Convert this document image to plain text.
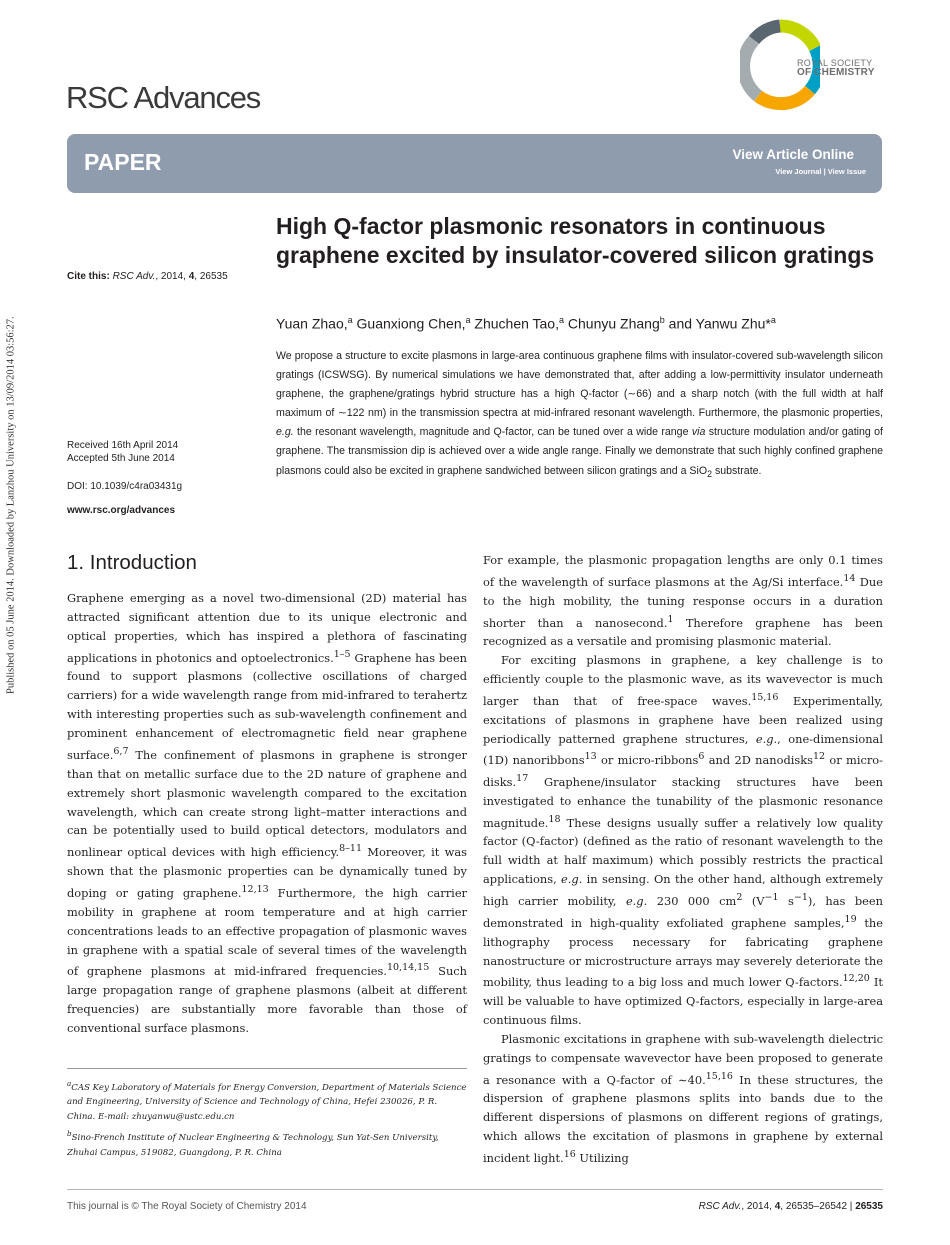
Published on 05 June 2014. Downloaded by Lanzhou University on 13/09/2014 03:56:27.
RSC Advances
ROYAL SOCIETY
OF CHEMISTRY
PAPER	View Article Online
View Journal | View Issue
Cite this: RSC Adv., 2014, 4, 26535
Received 16th April 2014
Accepted 5th June 2014
DOI: 10.1039/c4ra03431g
www.rsc.org/advances
High Q-factor plasmonic resonators in continuous graphene excited by insulator-covered silicon gratings
Yuan Zhao,$^a$ Guanxiong Chen,$^a$ Zhuchen Tao,$^a$ Chunyu Zhang$^b$ and Yanwu Zhu*$^a$
We propose a structure to excite plasmons in large-area continuous graphene films with insulator-covered sub-wavelength silicon gratings (ICSWSG). By numerical simulations we have demonstrated that, after adding a low-permittivity insulator underneath graphene, the graphene/gratings hybrid structure has a high Q-factor (∼66) and a sharp notch (with the full width at half maximum of ∼122 nm) in the transmission spectra at mid-infrared resonant wavelength. Furthermore, the plasmonic properties, e.g. the resonant wavelength, magnitude and Q-factor, can be tuned over a wide range via structure modulation and/or gating of graphene. The transmission dip is achieved over a wide angle range. Finally we demonstrate that such highly confined graphene plasmons could also be excited in graphene sandwiched between silicon gratings and a SiO$_2$ substrate.
1. Introduction

Graphene emerging as a novel two-dimensional (2D) material has attracted significant attention due to its unique electronic and optical properties, which has inspired a plethora of fascinating applications in photonics and optoelectronics.$^{1-5}$ Graphene has been found to support plasmons (collective oscillations of charged carriers) for a wide wavelength range from mid-infrared to terahertz with interesting properties such as sub-wavelength confinement and prominent enhancement of electromagnetic field near graphene surface.$^{6,7}$ The confinement of plasmons in graphene is stronger than that on metallic surface due to the 2D nature of graphene and extremely short plasmonic wavelength compared to the excitation wavelength, which can create strong light–matter interactions and can be potentially used to build optical detectors, modulators and nonlinear optical devices with high efficiency.$^{8-11}$ Moreover, it was shown that the plasmonic properties can be dynamically tuned by doping or gating graphene.$^{12,13}$ Furthermore, the high carrier mobility in graphene at room temperature and at high carrier concentrations leads to an effective propagation of plasmonic waves in graphene with a spatial scale of several times of the wavelength of graphene plasmons at mid-infrared frequencies.$^{10,14,15}$ Such large propagation range of graphene plasmons (albeit at different frequencies) are substantially more favorable than those of conventional surface plasmons.

For example, the plasmonic propagation lengths are only 0.1 times of the wavelength of surface plasmons at the Ag/Si interface.$^{14}$ Due to the high mobility, the tuning response occurs in a duration shorter than a nanosecond.$^1$ Therefore graphene has been recognized as a versatile and promising plasmonic material.

For exciting plasmons in graphene, a key challenge is to efficiently couple to the plasmonic wave, as its wavevector is much larger than that of free-space waves.$^{15,16}$ Experimentally, excitations of plasmons in graphene have been realized using periodically patterned graphene structures, e.g., one-dimensional (1D) nanoribbons$^{13}$ or micro-ribbons$^6$ and 2D nanodisks$^{12}$ or micro-disks.$^{17}$ Graphene/insulator stacking structures have been investigated to enhance the tunability of the plasmonic resonance magnitude.$^{18}$ These designs usually suffer a relatively low quality factor (Q-factor) (defined as the ratio of resonant wavelength to the full width at half maximum) which possibly restricts the practical applications, e.g. in sensing. On the other hand, although extremely high carrier mobility, e.g. 230 000 $cm^2$ ($V^{-1}$ $s^{-1}$), has been demonstrated in high-quality exfoliated graphene samples,$^{19}$ the lithography process necessary for fabricating graphene nanostructure or microstructure arrays may severely deteriorate the mobility, thus leading to a big loss and much lower Q-factors.$^{12,20}$ It will be valuable to have optimized Q-factors, especially in large-area continuous films.

Plasmonic excitations in graphene with sub-wavelength dielectric gratings to compensate wavevector have been proposed to generate a resonance with a Q-factor of ∼40.$^{15,16}$ In these structures, the dispersion of graphene plasmons splits into bands due to the different dispersions of plasmons on different regions of gratings, which allows the excitation of plasmons in graphene by external incident light.$^{16}$ Utilizing

$^a$CAS Key Laboratory of Materials for Energy Conversion, Department of Materials Science and Engineering, University of Science and Technology of China, Hefei 230026, P. R. China. E-mail: zhuyanwu@ustc.edu.cn

$^b$Sino-French Institute of Nuclear Engineering & Technology, Sun Yat-Sen University, Zhuhai Campus, 519082, Guangdong, P. R. China

This journal is © The Royal Society of Chemistry 2014	RSC Adv., 2014, 4, 26535–26542 | 26535
